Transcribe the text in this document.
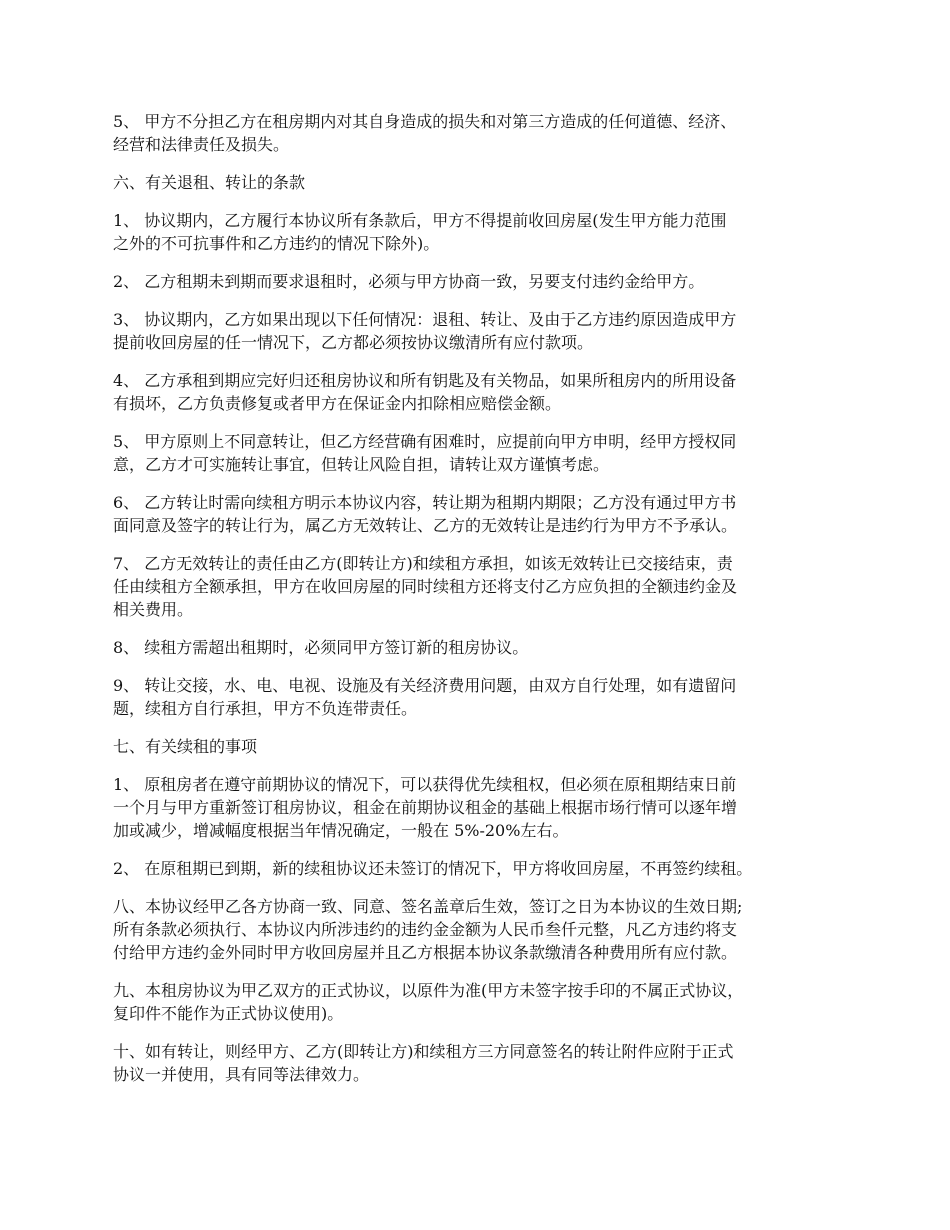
5、 甲方不分担乙方在租房期内对其自身造成的损失和对第三方造成的任何道德、经济、
经营和法律责任及损失。
六、有关退租、转让的条款
1、 协议期内，乙方履行本协议所有条款后，甲方不得提前收回房屋(发生甲方能力范围
之外的不可抗事件和乙方违约的情况下除外)。
2、 乙方租期未到期而要求退租时，必须与甲方协商一致，另要支付违约金给甲方。
3、 协议期内，乙方如果出现以下任何情况：退租、转让、及由于乙方违约原因造成甲方
提前收回房屋的任一情况下，乙方都必须按协议缴清所有应付款项。
4、 乙方承租到期应完好归还租房协议和所有钥匙及有关物品，如果所租房内的所用设备
有损坏，乙方负责修复或者甲方在保证金内扣除相应赔偿金额。
5、 甲方原则上不同意转让，但乙方经营确有困难时，应提前向甲方申明，经甲方授权同
意，乙方才可实施转让事宜，但转让风险自担，请转让双方谨慎考虑。
6、 乙方转让时需向续租方明示本协议内容，转让期为租期内期限；乙方没有通过甲方书
面同意及签字的转让行为，属乙方无效转让、乙方的无效转让是违约行为甲方不予承认。
7、 乙方无效转让的责任由乙方(即转让方)和续租方承担，如该无效转让已交接结束，责
任由续租方全额承担，甲方在收回房屋的同时续租方还将支付乙方应负担的全额违约金及
相关费用。
8、 续租方需超出租期时，必须同甲方签订新的租房协议。
9、 转让交接，水、电、电视、设施及有关经济费用问题，由双方自行处理，如有遗留问
题，续租方自行承担，甲方不负连带责任。
七、有关续租的事项
1、 原租房者在遵守前期协议的情况下，可以获得优先续租权，但必须在原租期结束日前
一个月与甲方重新签订租房协议，租金在前期协议租金的基础上根据市场行情可以逐年增
加或减少，增减幅度根据当年情况确定，一般在 5%-20%左右。
2、 在原租期已到期，新的续租协议还未签订的情况下，甲方将收回房屋，不再签约续租。
八、本协议经甲乙各方协商一致、同意、签名盖章后生效，签订之日为本协议的生效日期;
所有条款必须执行、本协议内所涉违约的违约金金额为人民币叁仟元整，凡乙方违约将支
付给甲方违约金外同时甲方收回房屋并且乙方根据本协议条款缴清各种费用所有应付款。
九、本租房协议为甲乙双方的正式协议，以原件为准(甲方未签字按手印的不属正式协议，
复印件不能作为正式协议使用)。
十、如有转让，则经甲方、乙方(即转让方)和续租方三方同意签名的转让附件应附于正式
协议一并使用，具有同等法律效力。
